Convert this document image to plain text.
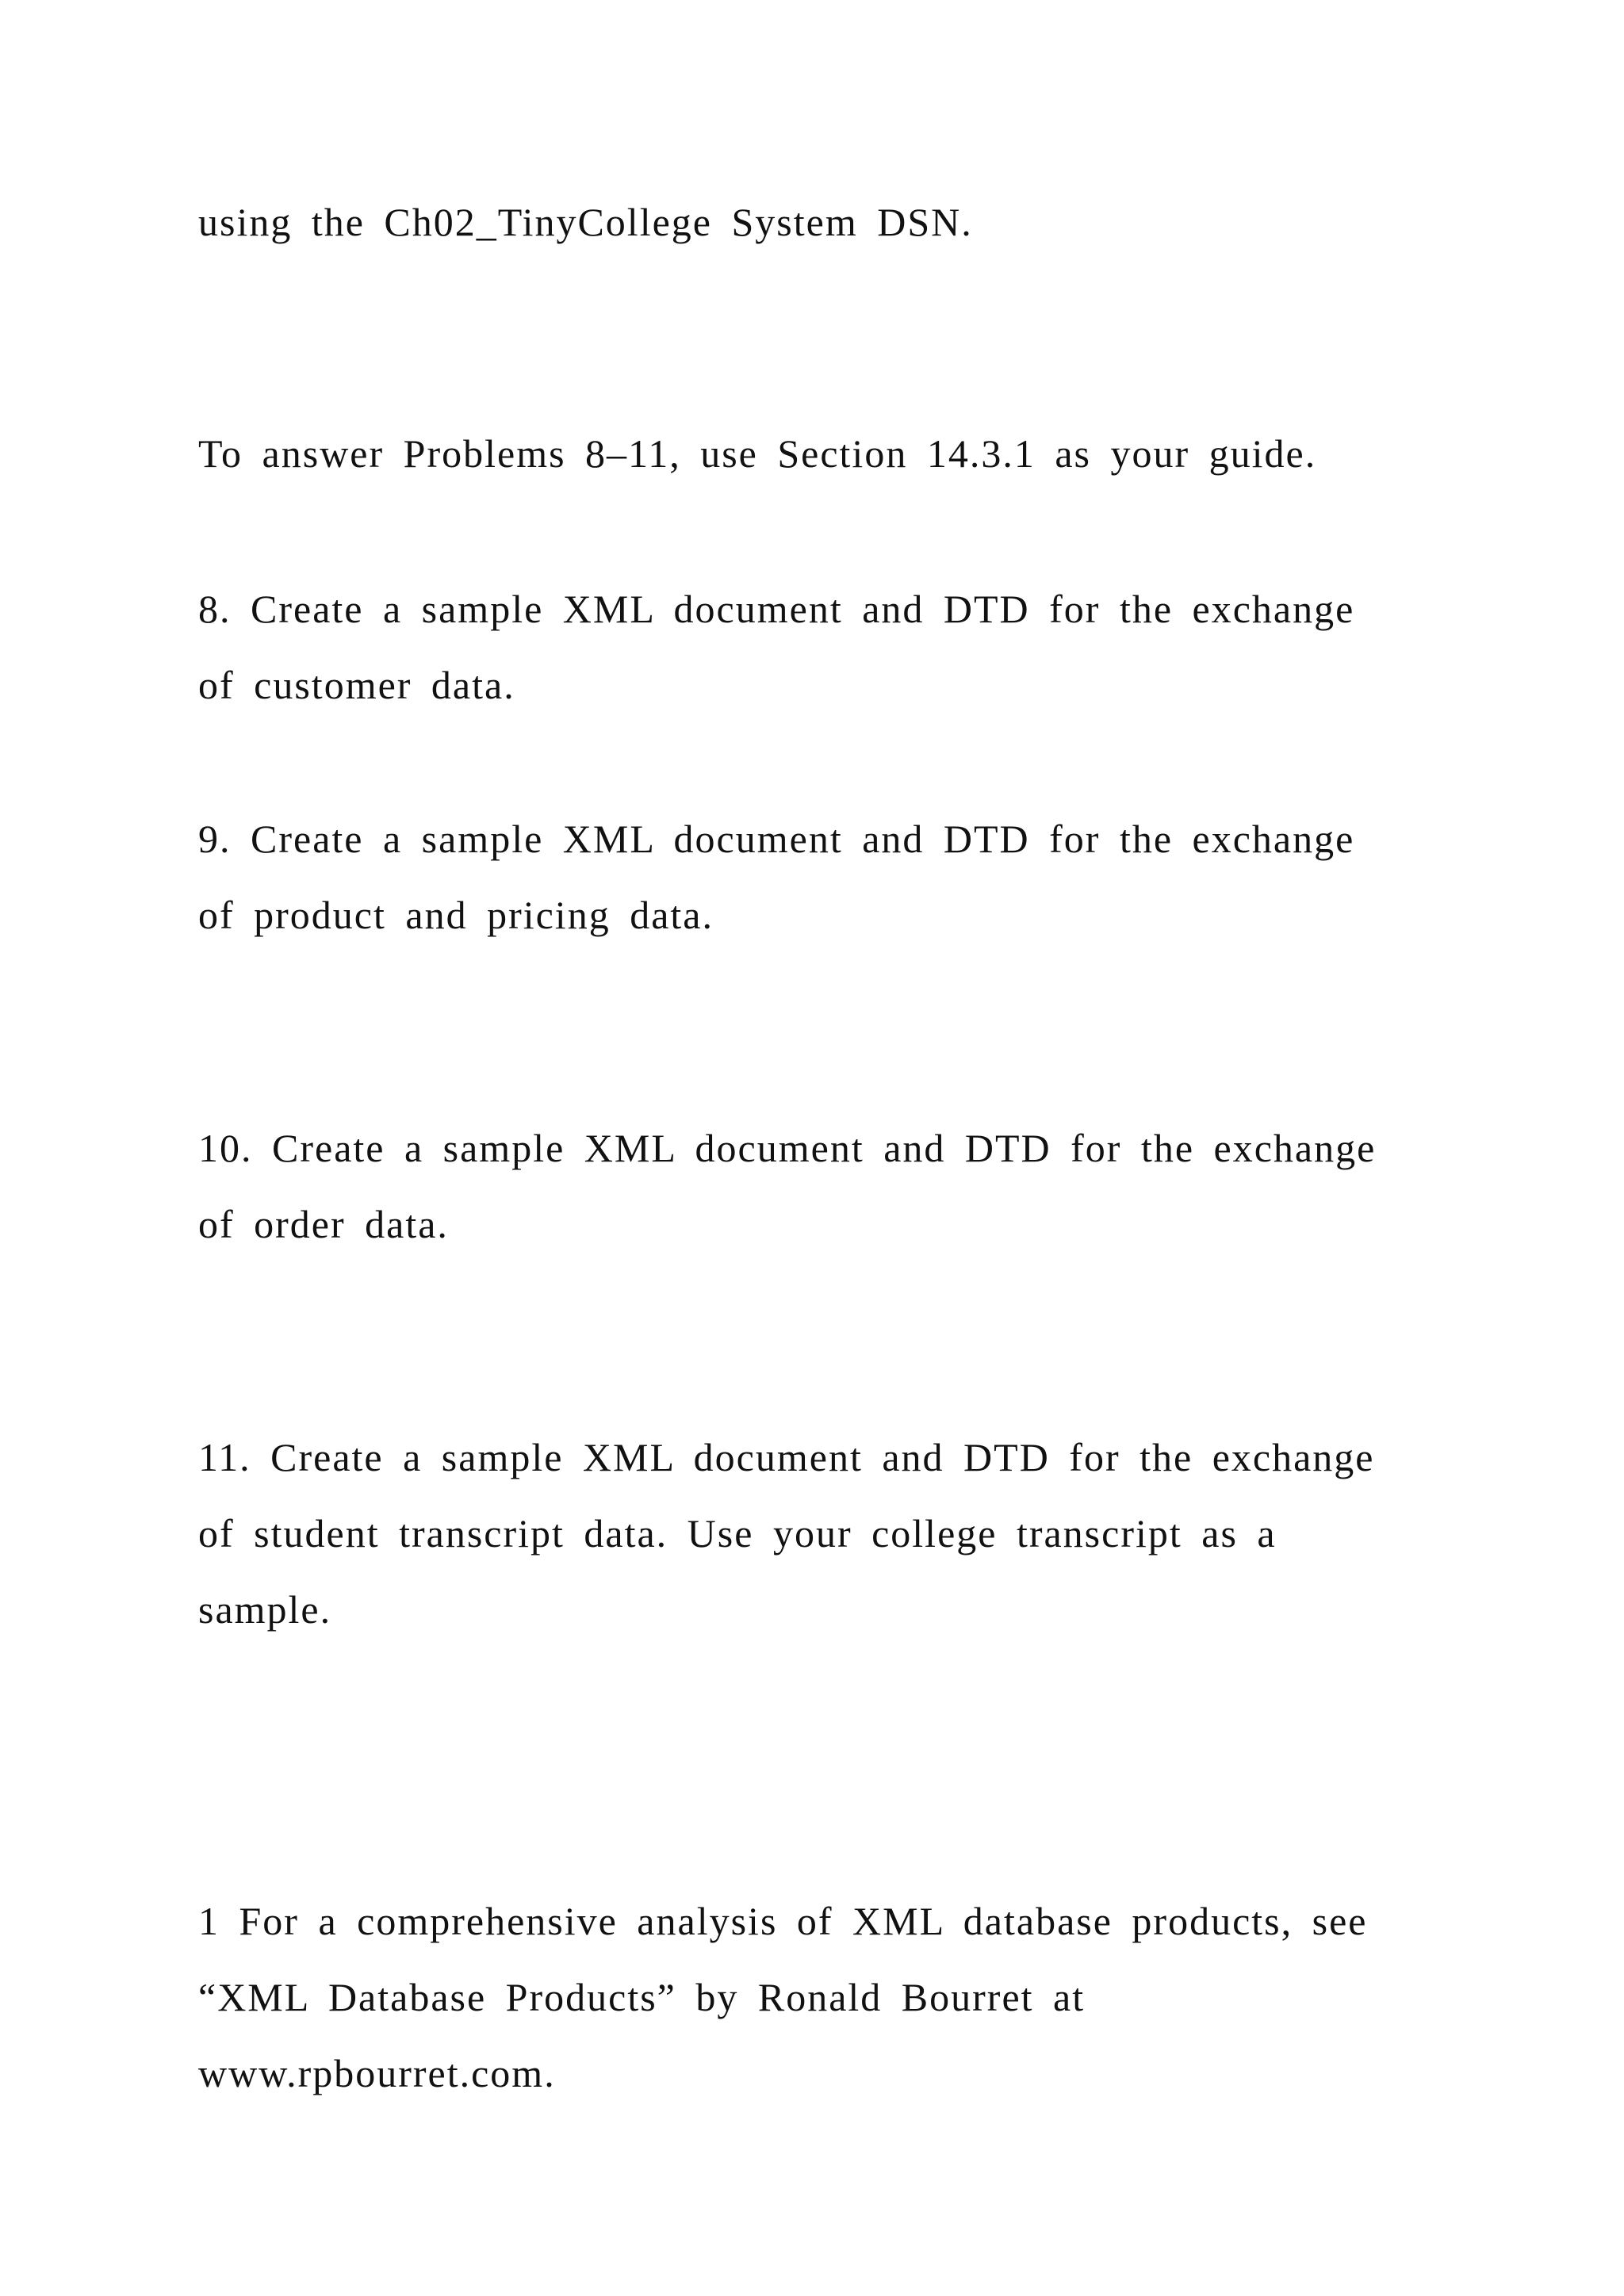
using the Ch02_TinyCollege System DSN.

To answer Problems 8–11, use Section 14.3.1 as your guide.

8. Create a sample XML document and DTD for the exchange
of customer data.

9. Create a sample XML document and DTD for the exchange
of product and pricing data.

10. Create a sample XML document and DTD for the exchange
of order data.

11. Create a sample XML document and DTD for the exchange
of student transcript data. Use your college transcript as a
sample.

1 For a comprehensive analysis of XML database products, see
“XML Database Products” by Ronald Bourret at
www.rpbourret.com.
